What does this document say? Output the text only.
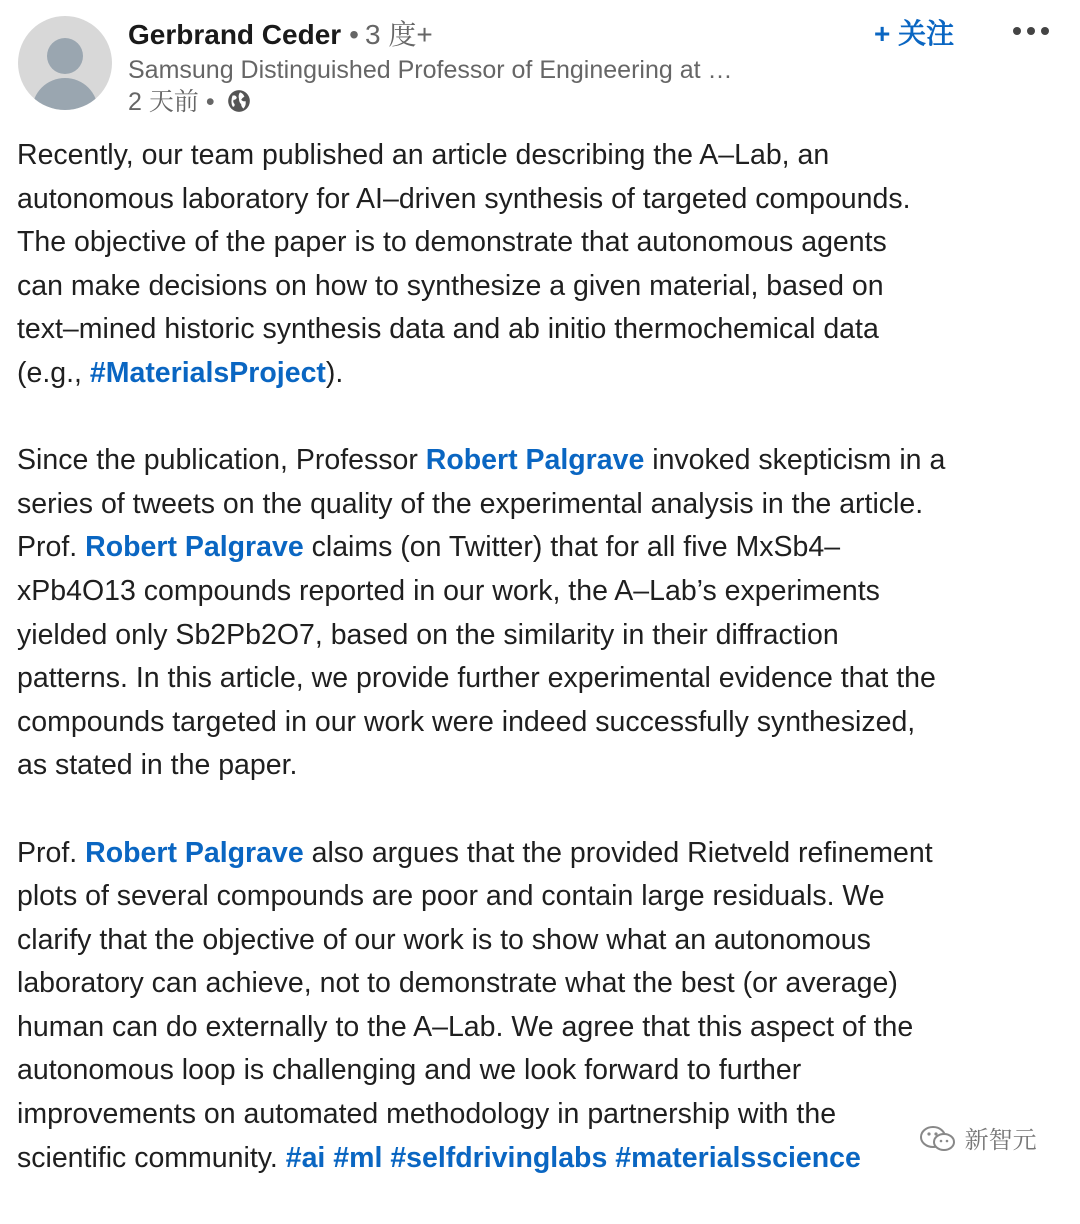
Gerbrand Ceder • 3 度+
Samsung Distinguished Professor of Engineering at …
2 天前 •
+ 关注

Recently, our team published an article describing the A–Lab, an
autonomous laboratory for AI–driven synthesis of targeted compounds.
The objective of the paper is to demonstrate that autonomous agents
can make decisions on how to synthesize a given material, based on
text–mined historic synthesis data and ab initio thermochemical data
(e.g., #MaterialsProject).

Since the publication, Professor Robert Palgrave invoked skepticism in a
series of tweets on the quality of the experimental analysis in the article.
Prof. Robert Palgrave claims (on Twitter) that for all five MxSb4–
xPb4O13 compounds reported in our work, the A–Lab’s experiments
yielded only Sb2Pb2O7, based on the similarity in their diffraction
patterns. In this article, we provide further experimental evidence that the
compounds targeted in our work were indeed successfully synthesized,
as stated in the paper.

Prof. Robert Palgrave also argues that the provided Rietveld refinement
plots of several compounds are poor and contain large residuals. We
clarify that the objective of our work is to show what an autonomous
laboratory can achieve, not to demonstrate what the best (or average)
human can do externally to the A–Lab. We agree that this aspect of the
autonomous loop is challenging and we look forward to further
improvements on automated methodology in partnership with the
scientific community. #ai #ml #selfdrivinglabs #materialsscience

新智元
